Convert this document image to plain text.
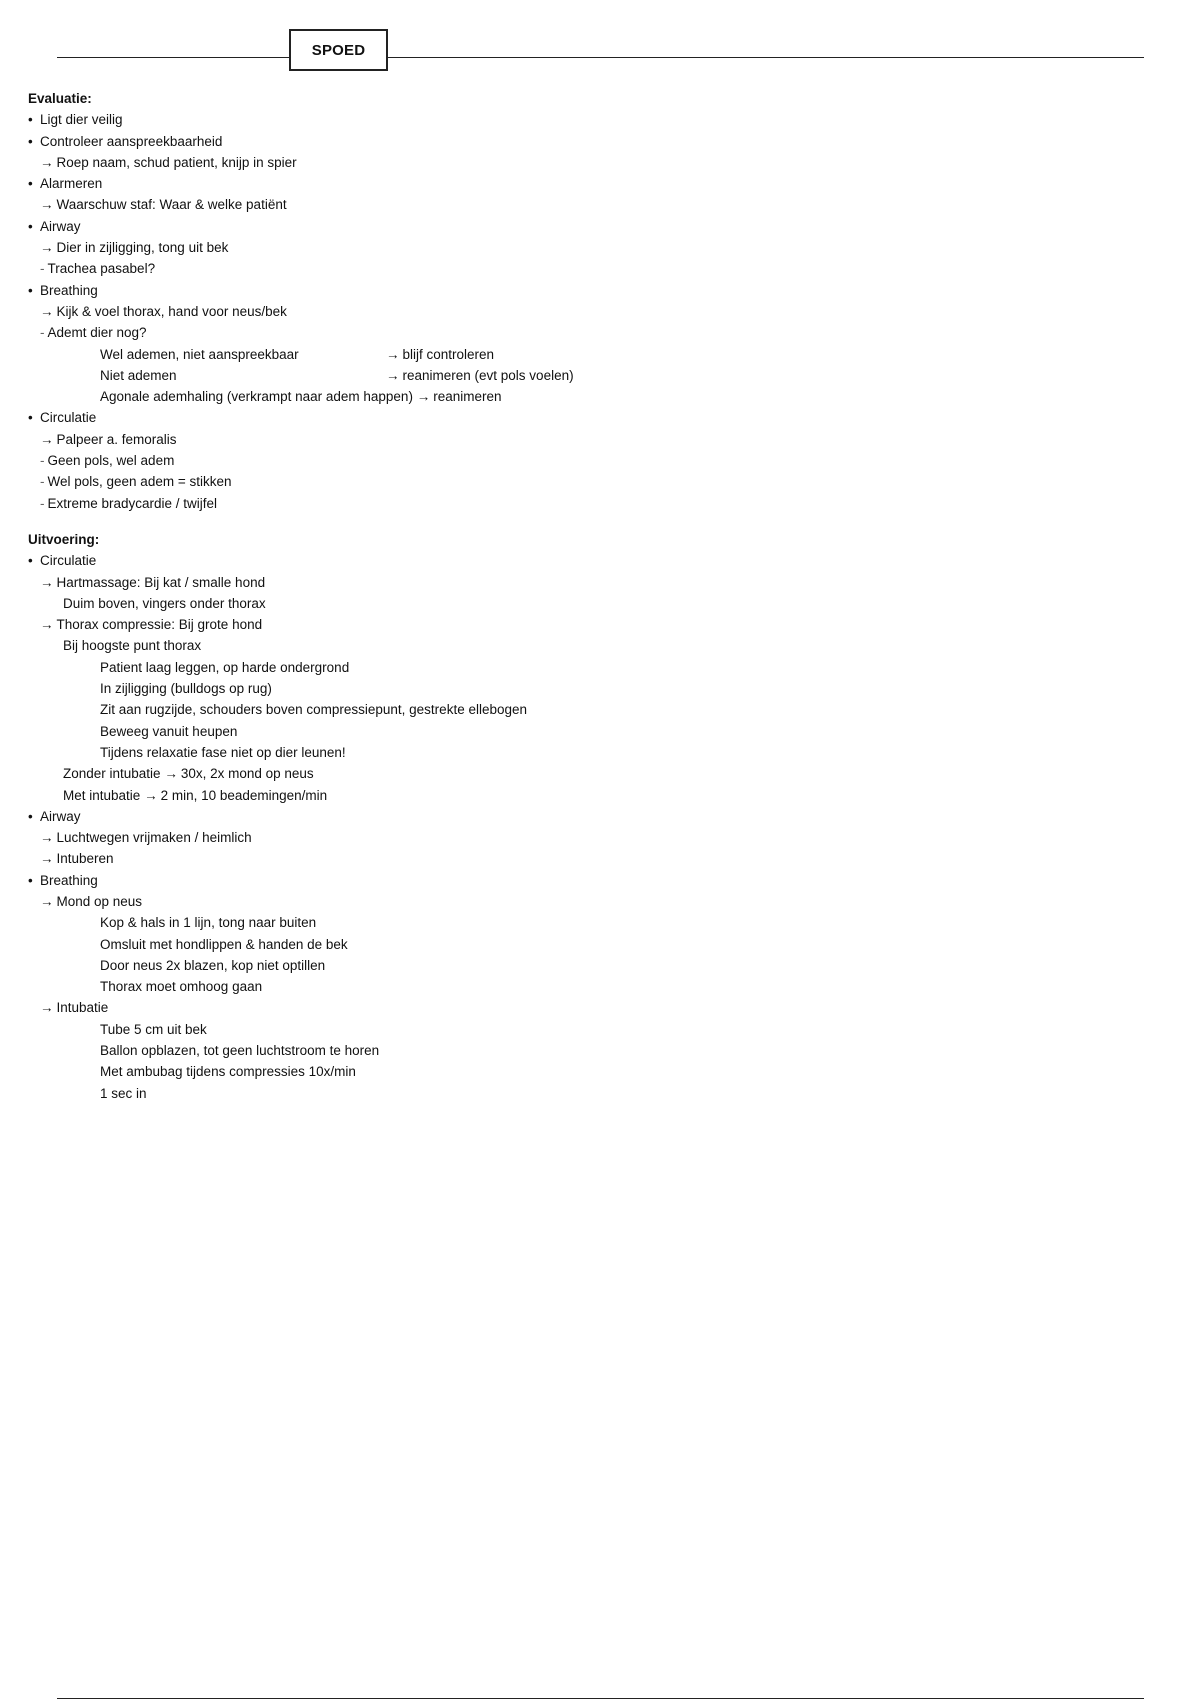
SPOED
Evaluatie:
• Ligt dier veilig
• Controleer aanspreekbaarheid
→ Roep naam, schud patient, knijp in spier
• Alarmeren
→ Waarschuw staf: Waar & welke patiënt
• Airway
→ Dier in zijligging, tong uit bek
- Trachea pasabel?
• Breathing
→ Kijk & voel thorax, hand voor neus/bek
- Ademt dier nog?
Wel ademen, niet aanspreekbaar	→ blijf controleren
Niet ademen	→ reanimeren (evt pols voelen)
Agonale ademhaling (verkrampt naar adem happen) → reanimeren
• Circulatie
→ Palpeer a. femoralis
- Geen pols, wel adem
- Wel pols, geen adem = stikken
- Extreme bradycardie / twijfel
Uitvoering:
• Circulatie
→ Hartmassage: Bij kat / smalle hond
Duim boven, vingers onder thorax
→ Thorax compressie: Bij grote hond
Bij hoogste punt thorax
Patient laag leggen, op harde ondergrond
In zijligging (bulldogs op rug)
Zit aan rugzijde, schouders boven compressiepunt, gestrekte ellebogen
Beweeg vanuit heupen
Tijdens relaxatie fase niet op dier leunen!
Zonder intubatie → 30x, 2x mond op neus
Met intubatie → 2 min, 10 beademingen/min
• Airway
→ Luchtwegen vrijmaken / heimlich
→ Intuberen
• Breathing
→ Mond op neus
Kop & hals in 1 lijn, tong naar buiten
Omsluit met hondlippen & handen de bek
Door neus 2x blazen, kop niet optillen
Thorax moet omhoog gaan
→ Intubatie
Tube 5 cm uit bek
Ballon opblazen, tot geen luchtstroom te horen
Met ambubag tijdens compressies 10x/min
1 sec in
